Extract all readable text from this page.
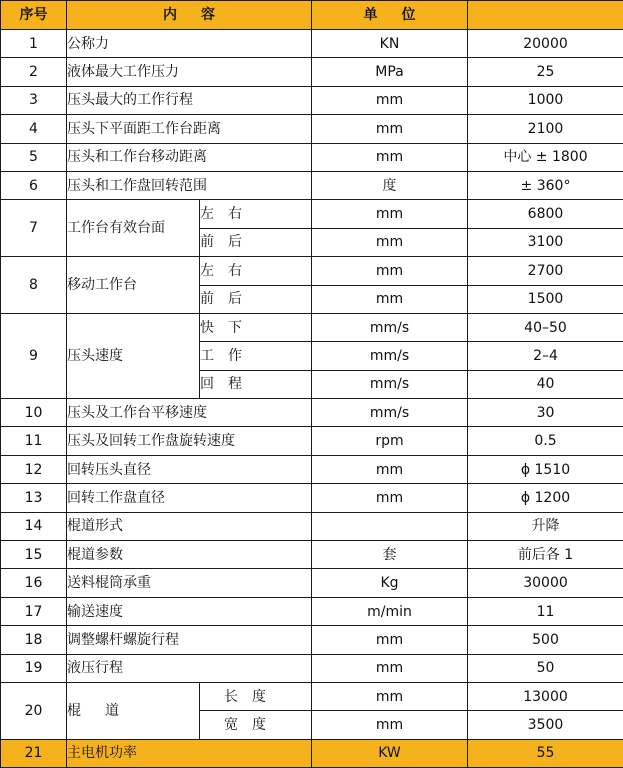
序号	内容		单位	
1	公称力		KN	20000
2	液体最大工作压力		MPa	25
3	压头最大的工作行程		mm	1000
4	压头下平面距工作台距离		mm	2100
5	压头和工作台移动距离		mm	中心 ± 1800
6	压头和工作盘回转范围		度	± 360°
7	工作台有效台面	左右	mm	6800
		前后	mm	3100
8	移动工作台	左右	mm	2700
		前后	mm	1500
9	压头速度	快下	mm/s	40–50
		工作	mm/s	2–4
		回程	mm/s	40
10	压头及工作台平移速度		mm/s	30
11	压头及回转工作盘旋转速度		rpm	0.5
12	回转压头直径		mm	ϕ 1510
13	回转工作盘直径		mm	ϕ 1200
14	棍道形式			升降
15	棍道参数		套	前后各 1
16	送料棍筒承重		Kg	30000
17	输送速度		m/min	11
18	调整螺杆螺旋行程		mm	500
19	液压行程		mm	50
20	棍道	长度	mm	13000
		宽度	mm	3500
21	主电机功率		KW	55
